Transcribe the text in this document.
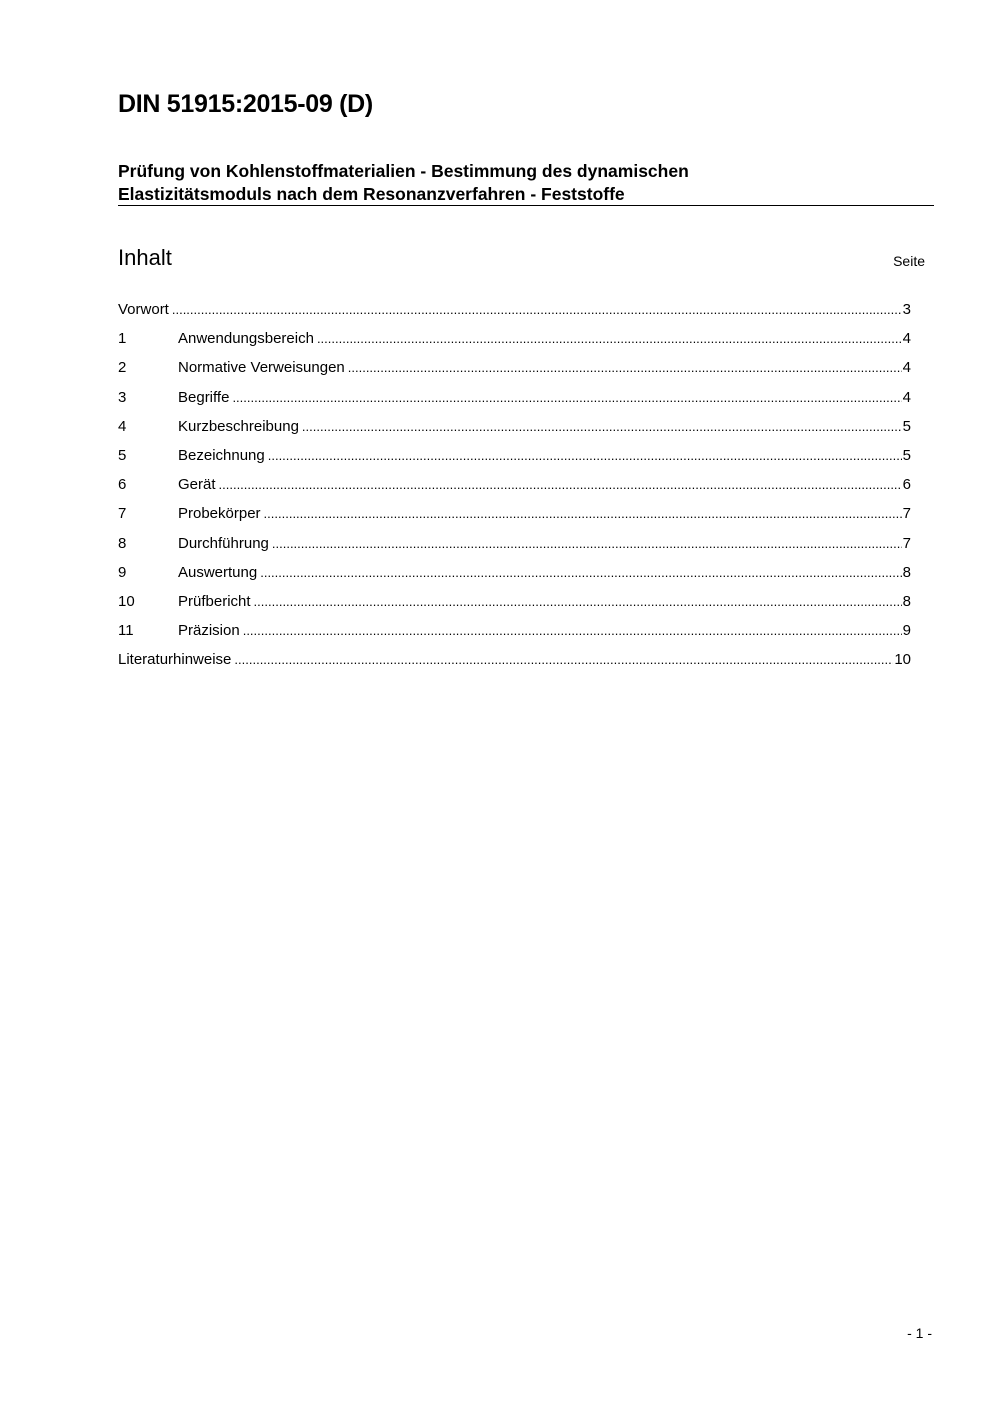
DIN 51915:2015-09 (D)
Prüfung von Kohlenstoffmaterialien - Bestimmung des dynamischen
Elastizitätsmoduls nach dem Resonanzverfahren - Feststoffe
Inhalt	Seite
Vorwort .....	3
1	Anwendungsbereich .....	4
2	Normative Verweisungen .....	4
3	Begriffe .....	4
4	Kurzbeschreibung .....	5
5	Bezeichnung .....	5
6	Gerät .....	6
7	Probekörper .....	7
8	Durchführung .....	7
9	Auswertung .....	8
10	Prüfbericht .....	8
11	Präzision .....	9
Literaturhinweise .....	10
- 1 -
